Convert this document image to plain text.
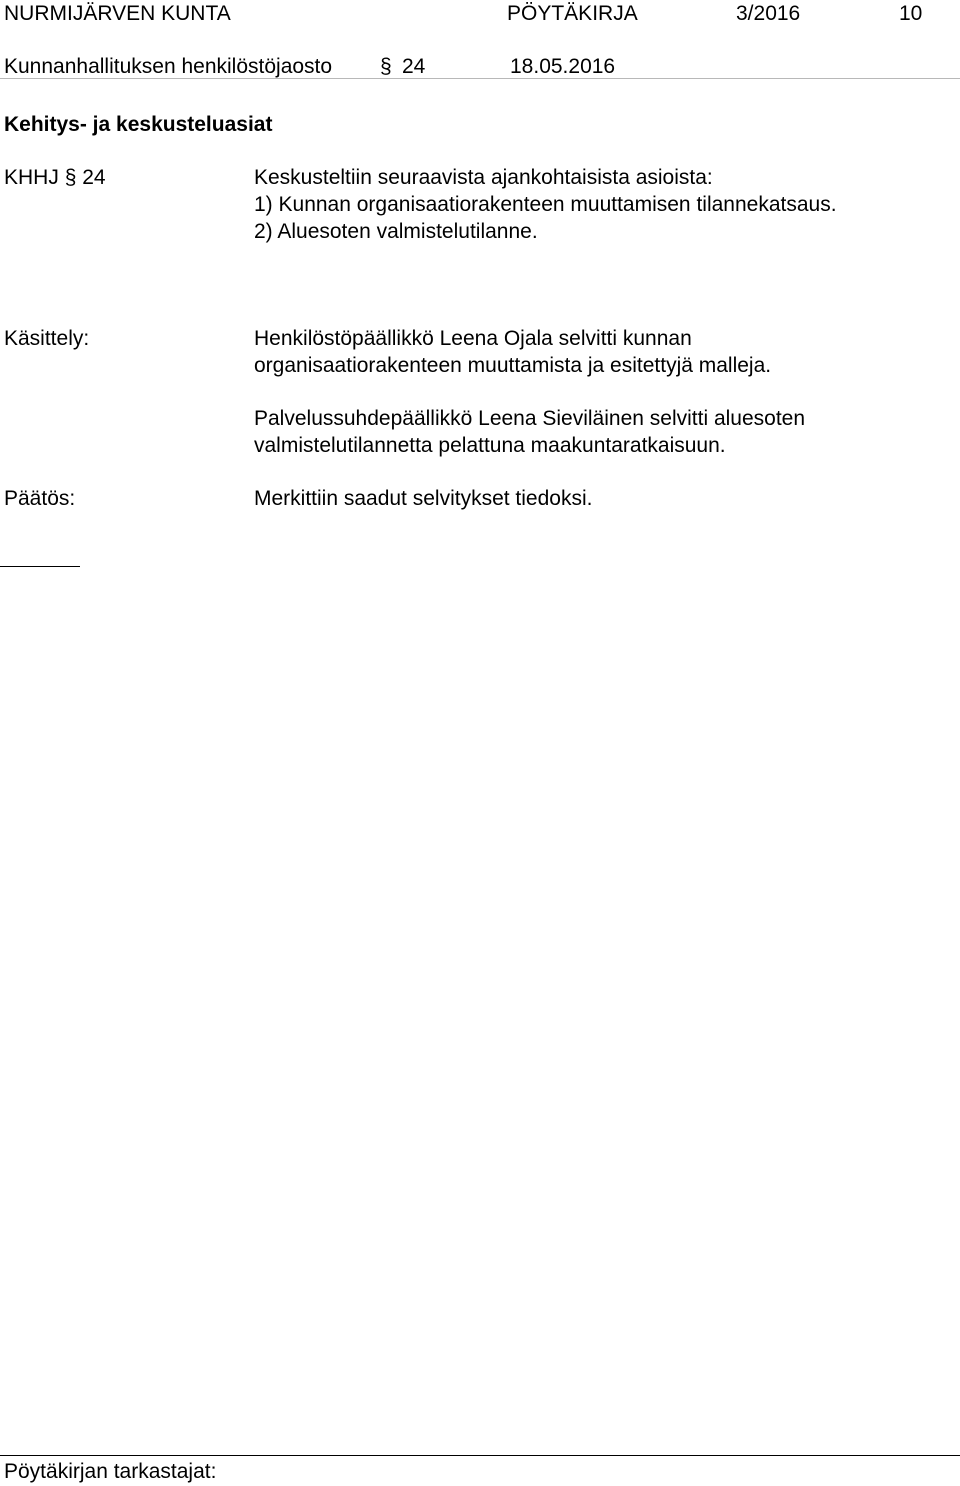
NURMIJÄRVEN KUNTA	PÖYTÄKIRJA	3/2016	10
Kunnanhallituksen henkilöstöjaosto § 24	18.05.2016
Kehitys- ja keskusteluasiat
KHHJ § 24	Keskusteltiin seuraavista ajankohtaisista asioista:
1) Kunnan organisaatiorakenteen muuttamisen tilannekatsaus.
2) Aluesoten valmistelutilanne.
Käsittely:	Henkilöstöpäällikkö Leena Ojala selvitti kunnan
organisaatiorakenteen muuttamista ja esitettyjä malleja.
Palvelussuhdepäällikkö Leena Sieviläinen selvitti aluesoten
valmistelutilannetta pelattuna maakuntaratkaisuun.
Päätös:	Merkittiin saadut selvitykset tiedoksi.
Pöytäkirjan tarkastajat:
